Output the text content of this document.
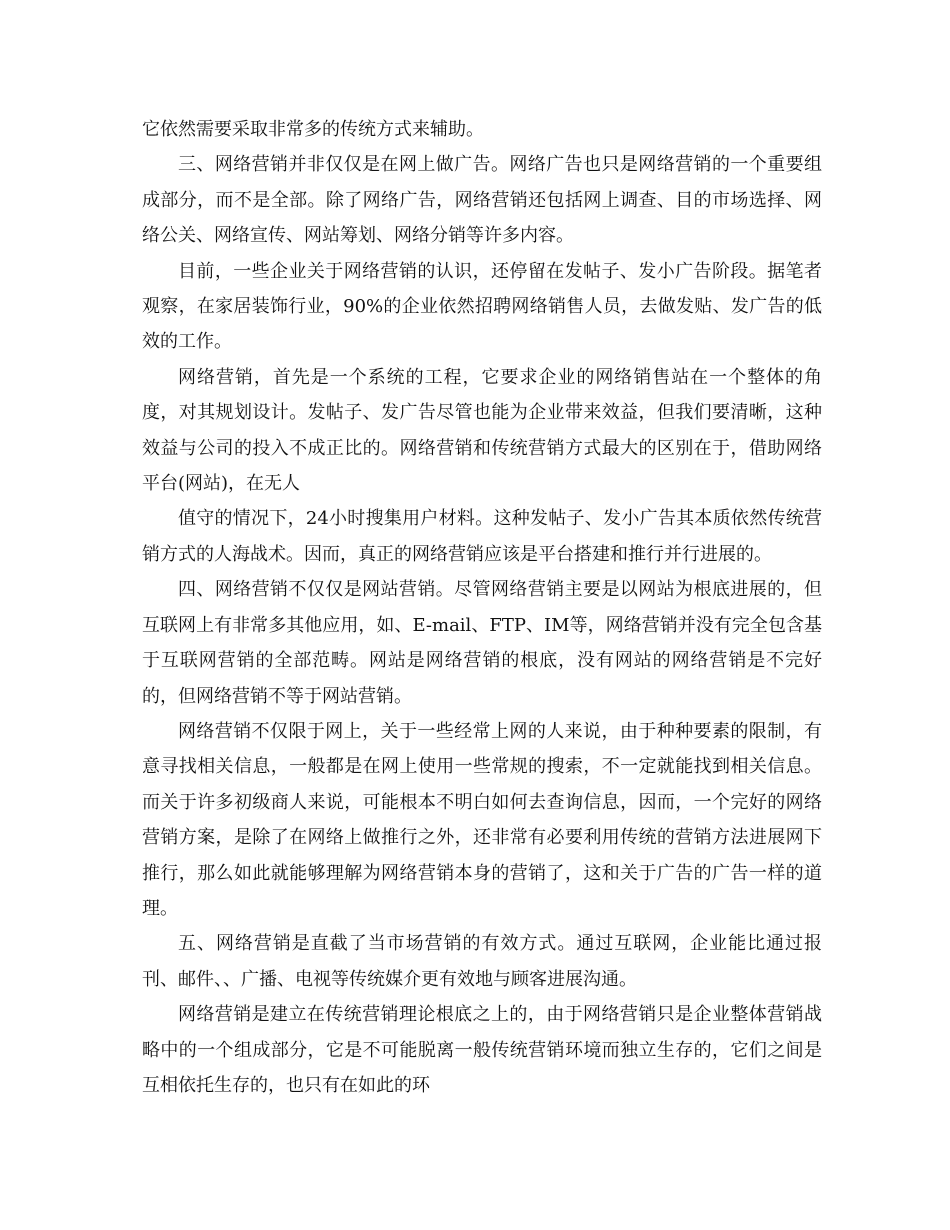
它依然需要采取非常多的传统方式来辅助。

三、网络营销并非仅仅是在网上做广告。网络广告也只是网络营销的一个重要组成部分，而不是全部。除了网络广告，网络营销还包括网上调查、目的市场选择、网络公关、网络宣传、网站筹划、网络分销等许多内容。

目前，一些企业关于网络营销的认识，还停留在发帖子、发小广告阶段。据笔者观察，在家居装饰行业，90%的企业依然招聘网络销售人员，去做发贴、发广告的低效的工作。

网络营销，首先是一个系统的工程，它要求企业的网络销售站在一个整体的角度，对其规划设计。发帖子、发广告尽管也能为企业带来效益，但我们要清晰，这种效益与公司的投入不成正比的。网络营销和传统营销方式最大的区别在于，借助网络平台(网站)，在无人

值守的情况下，24小时搜集用户材料。这种发帖子、发小广告其本质依然传统营销方式的人海战术。因而，真正的网络营销应该是平台搭建和推行并行进展的。

四、网络营销不仅仅是网站营销。尽管网络营销主要是以网站为根底进展的，但互联网上有非常多其他应用，如、E-mail、FTP、IM等，网络营销并没有完全包含基于互联网营销的全部范畴。网站是网络营销的根底，没有网站的网络营销是不完好的，但网络营销不等于网站营销。

网络营销不仅限于网上，关于一些经常上网的人来说，由于种种要素的限制，有意寻找相关信息，一般都是在网上使用一些常规的搜索，不一定就能找到相关信息。而关于许多初级商人来说，可能根本不明白如何去查询信息，因而，一个完好的网络营销方案，是除了在网络上做推行之外，还非常有必要利用传统的营销方法进展网下推行，那么如此就能够理解为网络营销本身的营销了，这和关于广告的广告一样的道理。

五、网络营销是直截了当市场营销的有效方式。通过互联网，企业能比通过报刊、邮件、、广播、电视等传统媒介更有效地与顾客进展沟通。

网络营销是建立在传统营销理论根底之上的，由于网络营销只是企业整体营销战略中的一个组成部分，它是不可能脱离一般传统营销环境而独立生存的，它们之间是互相依托生存的，也只有在如此的环
